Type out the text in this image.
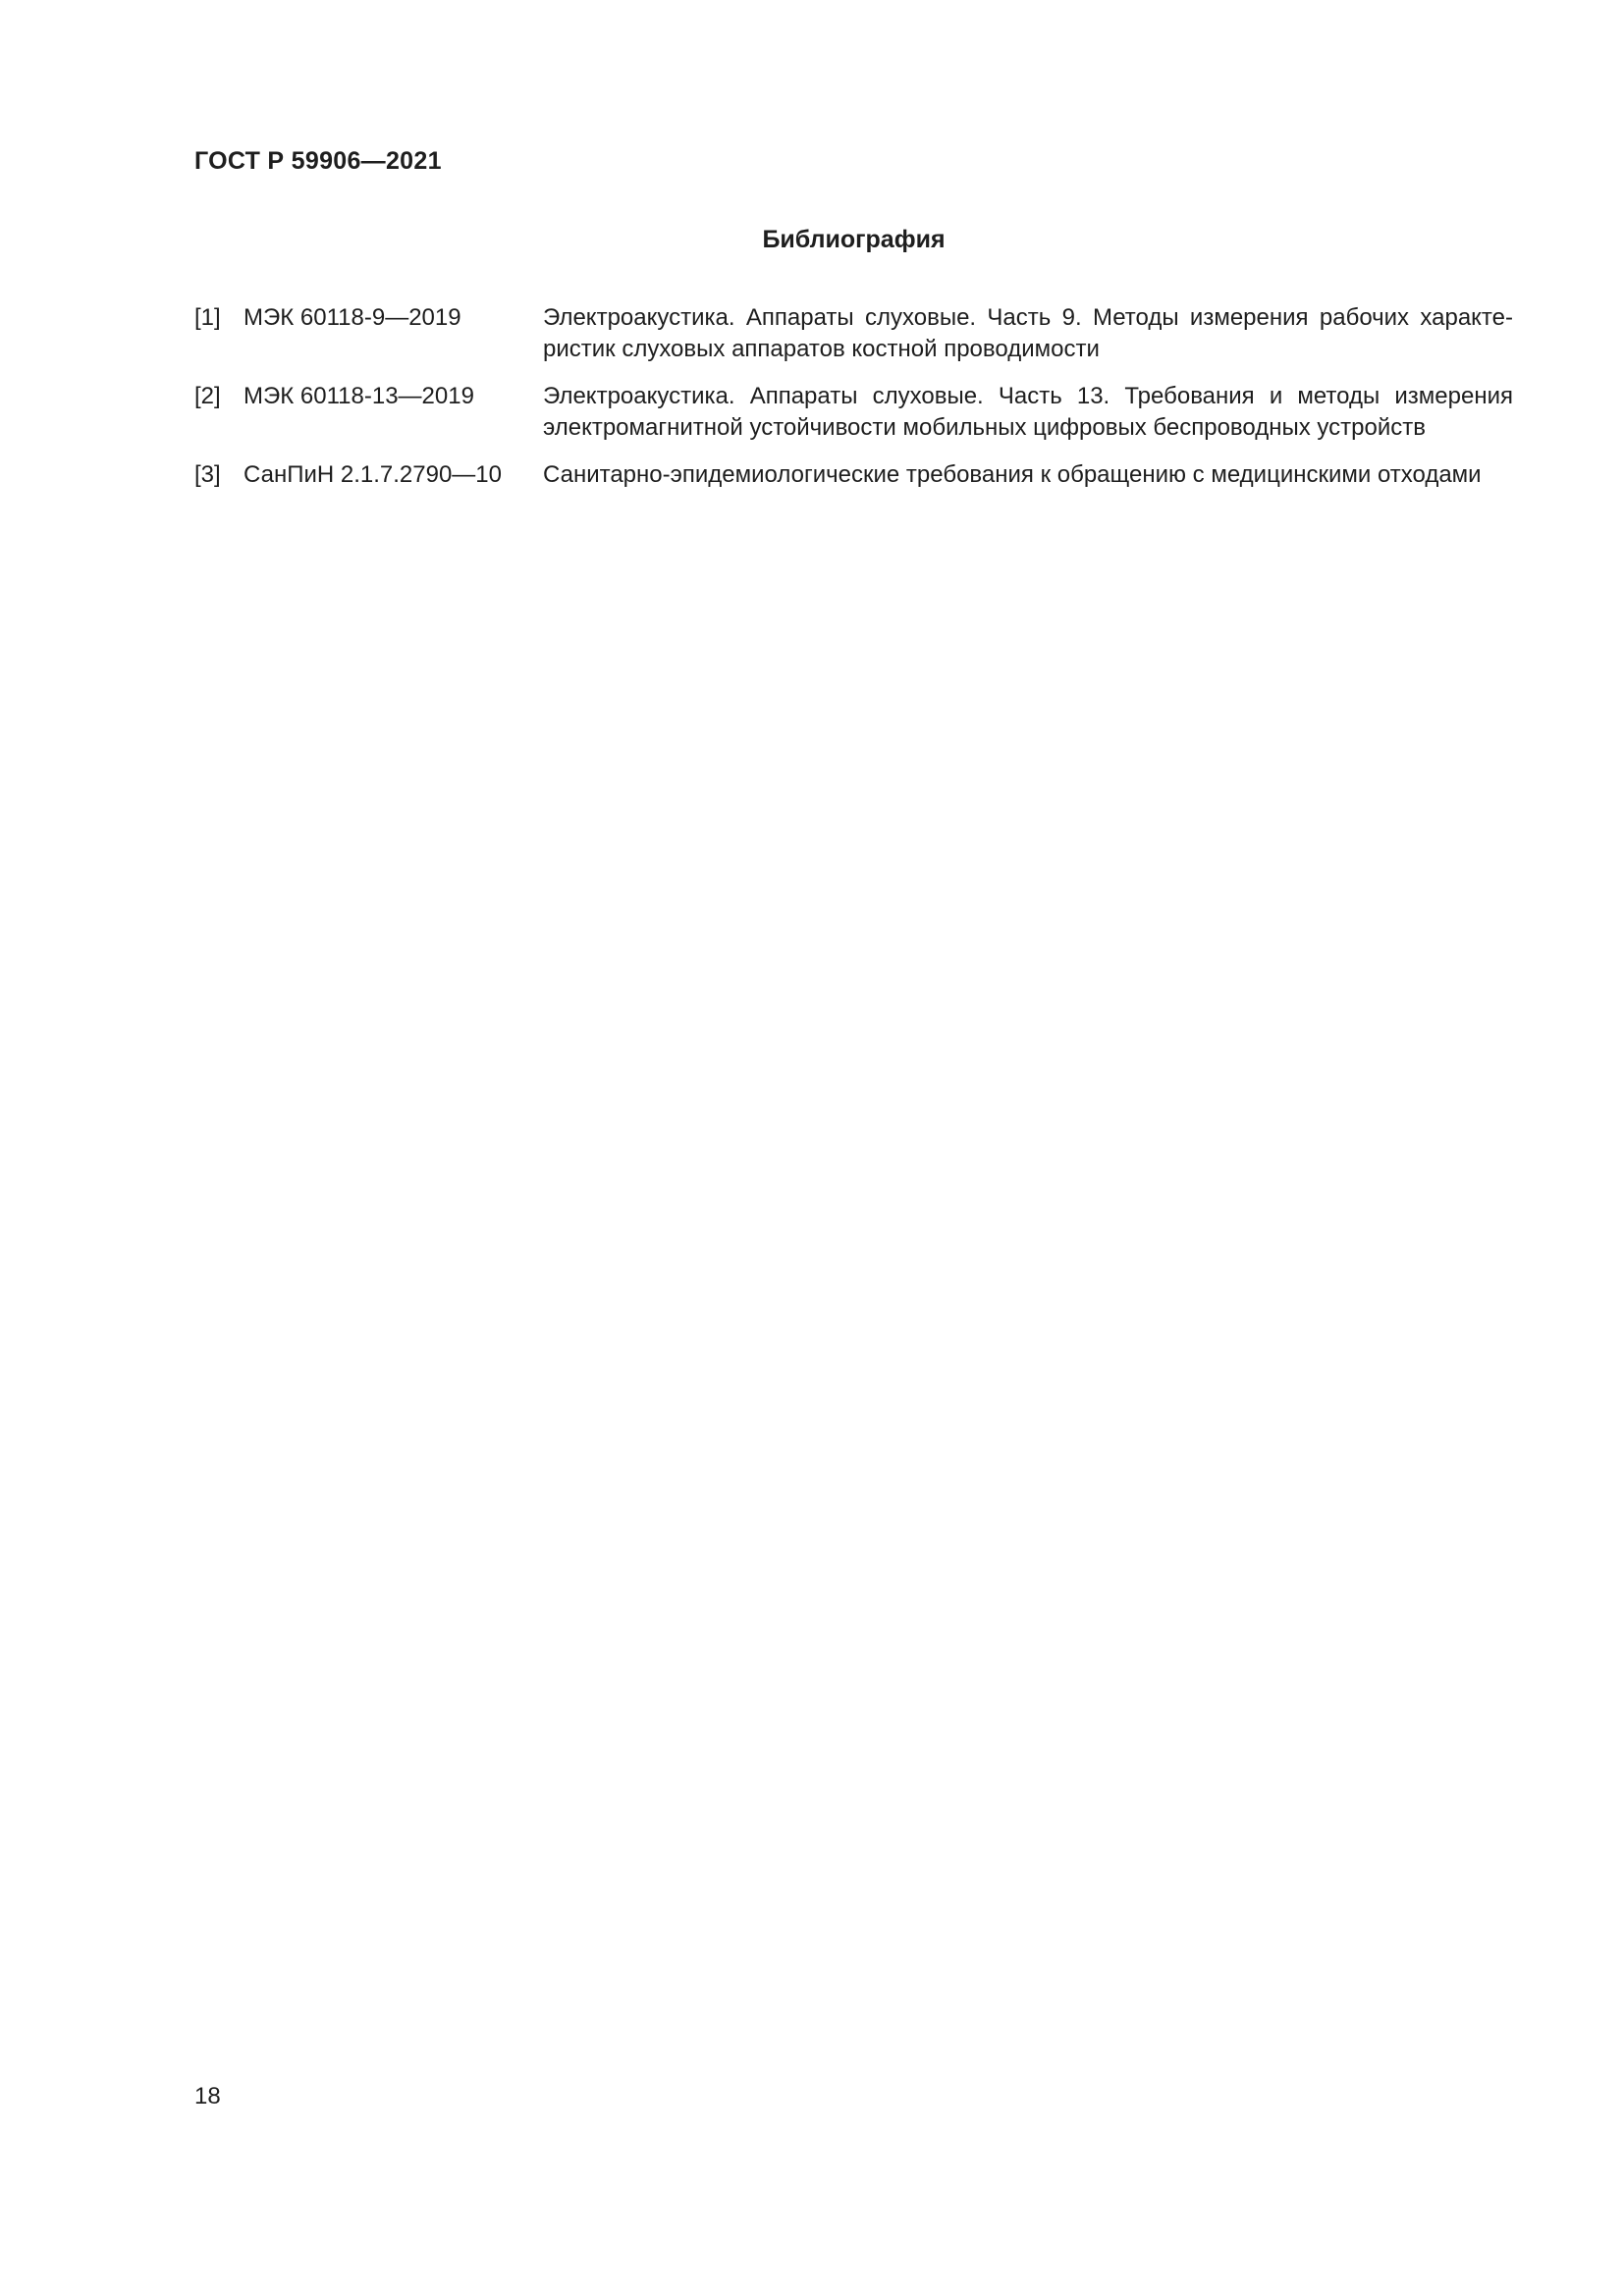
ГОСТ Р 59906—2021
Библиография
[1] МЭК 60118-9—2019	Электроакустика. Аппараты слуховые. Часть 9. Методы измерения рабочих характе-
ристик слуховых аппаратов костной проводимости
[2] МЭК 60118-13—2019	Электроакустика. Аппараты слуховые. Часть 13. Требования и методы измерения
электромагнитной устойчивости мобильных цифровых беспроводных устройств
[3] СанПиН 2.1.7.2790—10 Санитарно-эпидемиологические требования к обращению с медицинскими отходами
18
